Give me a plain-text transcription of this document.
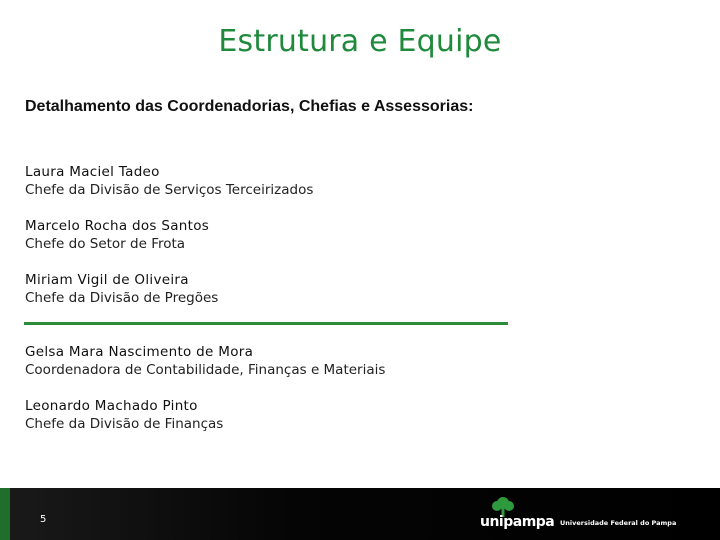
Estrutura e Equipe
Detalhamento das Coordenadorias, Chefias e Assessorias:
Laura Maciel Tadeo
Chefe da Divisão de Serviços Terceirizados
Marcelo Rocha dos Santos
Chefe do Setor de Frota
Miriam Vigil de Oliveira
Chefe da Divisão de Pregões
Gelsa Mara Nascimento de Mora
Coordenadora de Contabilidade, Finanças e Materiais
Leonardo Machado Pinto
Chefe da Divisão de Finanças
5	unipampa Universidade Federal do Pampa
